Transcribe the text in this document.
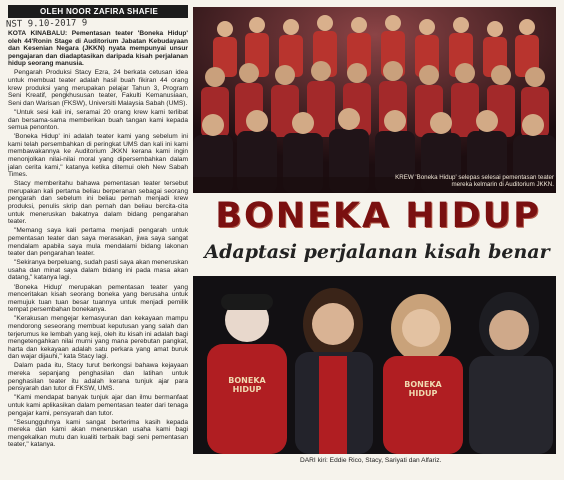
OLEH NOOR ZAFIRA SHAFIE
NST 9.10-2017 9

KOTA KINABALU: Pementasan teater 'Boneka Hidup' oleh 44'Ronin Stage di Auditorium Jabatan Kebudayaan dan Kesenian Negara (JKKN) nyata mempunyai unsur pengajaran dan diadaptasikan daripada kisah perjalanan hidup seorang manusia.

Pengarah Produksi Stacy Ezra, 24 berkata cetusan idea untuk membuat teater adalah hasil buah fikiran 44 orang krew produksi yang merupakan pelajar Tahun 3, Program Seni Kreatif, pengkhususan teater, Fakulti Kemanusiaan, Seni dan Warisan (FKSW), Universiti Malaysia Sabah (UMS).

"Untuk sesi kali ini, seramai 20 orang krew kami terlibat dan bersama-sama memberikan buah tangan kami kepada semua penonton.

'Boneka Hidup' ini adalah teater kami yang sebelum ini kami telah persembahkan di peringkat UMS dan kali ini kami membawakannya ke Auditorium JKKN kerana kami ingin menonjolkan nilai-nilai moral yang dipersembahkan dalam jalan cerita kami," katanya ketika ditemui oleh New Sabah Times.

Stacy memberitahu bahawa pementasan teater tersebut merupakan kali pertama beliau berperanan sebagai seorang pengarah dan sebelum ini beliau pernah menjadi krew produksi, penulis skrip dan pernah dan beliau bercita-cita untuk meneruskan bakatnya dalam bidang pengarahan teater.

"Memang saya kali pertama menjadi pengarah untuk pementasan teater dan saya merasakan, jiwa saya sangat mendalam apabila saya mula mendalami bidang lakonan teater dan pengarahan teater.

"Sekiranya berpeluang, sudah pasti saya akan meneruskan usaha dan minat saya dalam bidang ini pada masa akan datang," katanya lagi.

'Boneka Hidup' merupakan pementasan teater yang menceritakan kisah seorang boneka yang berusaha untuk memujuk tuan tuan besar tuannya untuk menjadi pemilik tempat persembahan bonekanya.

"Kerakusan mengejar kemasyuran dan kekayaan mampu mendorong seseorang membuat keputusan yang salah dan terjerumus ke lembah yang keji, oleh itu kisah ini adalah bagi mengetengahkan nilai murni yang mana perebutan pangkat, harta dan kekayaan adalah satu perkara yang amat buruk dan wajar dijauhi," kata Stacy lagi.

Dalam pada itu, Stacy turut berkongsi bahawa kejayaan mereka sepanjang penghasilan dan latihan untuk penghasilan teater itu adalah kerana tunjuk ajar para pensyarah dan tutor di FKSW, UMS.

"Kami mendapat banyak tunjuk ajar dan ilmu bermanfaat untuk kami aplikasikan dalam pementasan teater dari tenaga pengajar kami, pensyarah dan tutor.

"Sesungguhnya kami sangat berterima kasih kepada mereka dan kami akan meneruskan usaha kami bagi mengekalkan mutu dan kualiti terbaik bagi seni pementasan teater," katanya.

KREW 'Boneka Hidup' selepas selesai pementasan teater mereka kelmarin di Auditorium JKKN.
BONEKA HIDUP
Adaptasi perjalanan kisah benar
BONEKA HIDUP
BONEKA HIDUP
DARI kiri: Eddie Rico, Stacy, Sariyati dan Alfariz.
